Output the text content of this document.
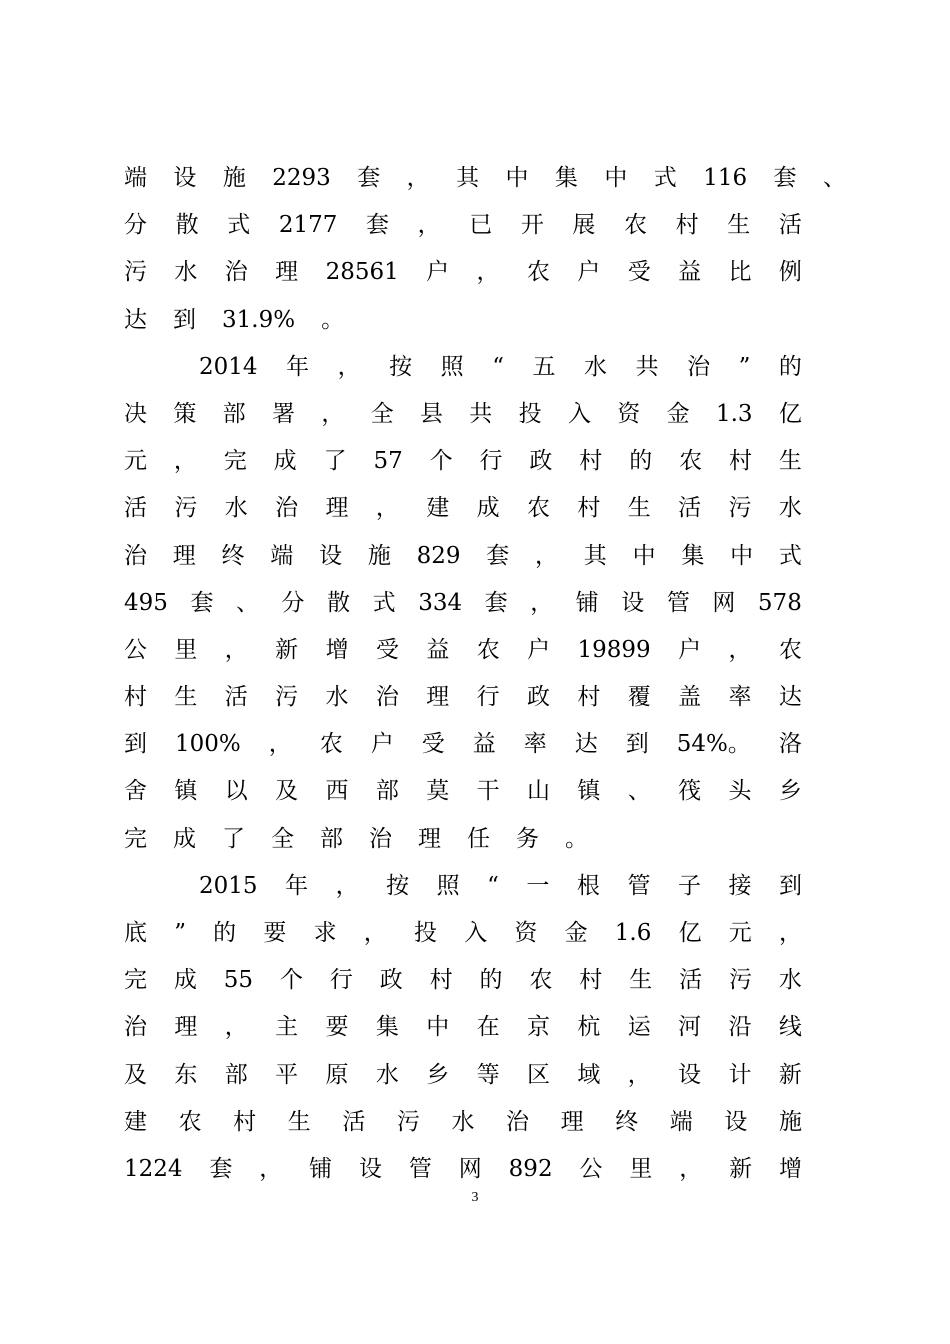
端 设 施 2293 套 ， 其 中 集 中 式 116 套 、
分 散 式 2177 套 ， 已 开 展 农 村 生 活
污 水 治 理 28561 户 ， 农 户 受 益 比 例
达 到 31.9% 。
2014 年 ， 按 照 “ 五 水 共 治 ” 的
决 策 部 署 ， 全 县 共 投 入 资 金 1.3 亿
元 ， 完 成 了 57 个 行 政 村 的 农 村 生
活 污 水 治 理 ， 建 成 农 村 生 活 污 水
治 理 终 端 设 施 829 套 ， 其 中 集 中 式
495 套 、 分 散 式 334 套 ， 铺 设 管 网 578
公 里 ， 新 增 受 益 农 户 19899 户 ， 农
村 生 活 污 水 治 理 行 政 村 覆 盖 率 达
到 100% ， 农 户 受 益 率 达 到 54%。 洛
舍 镇 以 及 西 部 莫 干 山 镇 、 筏 头 乡
完 成 了 全 部 治 理 任 务 。
2015 年 ， 按 照 “ 一 根 管 子 接 到
底 ” 的 要 求 ， 投 入 资 金 1.6 亿 元 ，
完 成 55 个 行 政 村 的 农 村 生 活 污 水
治 理 ， 主 要 集 中 在 京 杭 运 河 沿 线
及 东 部 平 原 水 乡 等 区 域 ， 设 计 新
建 农 村 生 活 污 水 治 理 终 端 设 施
1224 套 ， 铺 设 管 网 892 公 里 ， 新 增
3
